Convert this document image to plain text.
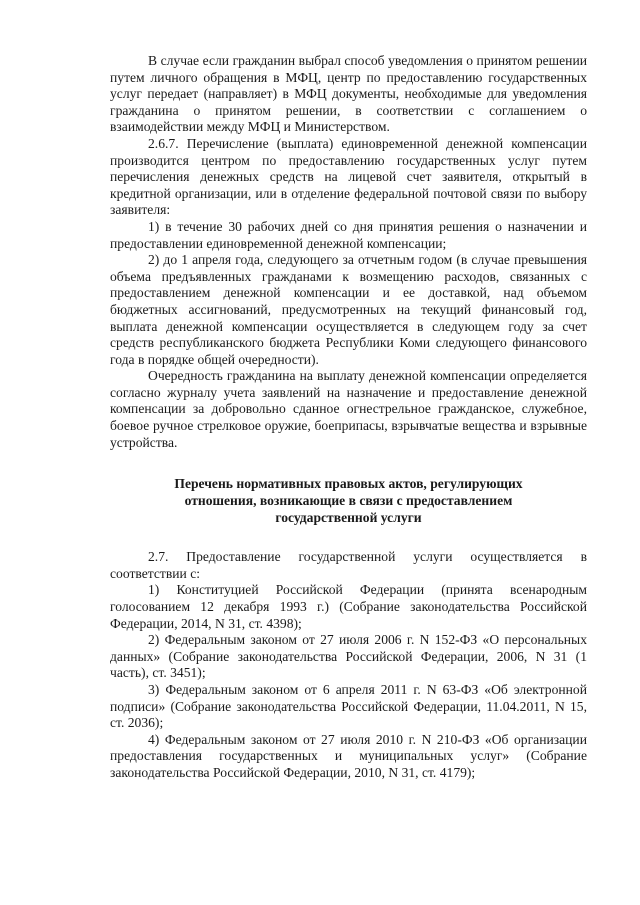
В случае если гражданин выбрал способ уведомления о принятом решении путем личного обращения в МФЦ, центр по предоставлению государственных услуг передает (направляет) в МФЦ документы, необходимые для уведомления гражданина о принятом решении, в соответствии с соглашением о взаимодействии между МФЦ и Министерством.

2.6.7. Перечисление (выплата) единовременной денежной компенсации производится центром по предоставлению государственных услуг путем перечисления денежных средств на лицевой счет заявителя, открытый в кредитной организации, или в отделение федеральной почтовой связи по выбору заявителя:

1) в течение 30 рабочих дней со дня принятия решения о назначении и предоставлении единовременной денежной компенсации;

2) до 1 апреля года, следующего за отчетным годом (в случае превышения объема предъявленных гражданами к возмещению расходов, связанных с предоставлением денежной компенсации и ее доставкой, над объемом бюджетных ассигнований, предусмотренных на текущий финансовый год, выплата денежной компенсации осуществляется в следующем году за счет средств республиканского бюджета Республики Коми следующего финансового года в порядке общей очередности).

Очередность гражданина на выплату денежной компенсации определяется согласно журналу учета заявлений на назначение и предоставление денежной компенсации за добровольно сданное огнестрельное гражданское, служебное, боевое ручное стрелковое оружие, боеприпасы, взрывчатые вещества и взрывные устройства.

Перечень нормативных правовых актов, регулирующих
отношения, возникающие в связи с предоставлением
государственной услуги

2.7. Предоставление государственной услуги осуществляется в соответствии с:

1) Конституцией Российской Федерации (принята всенародным голосованием 12 декабря 1993 г.) (Собрание законодательства Российской Федерации, 2014, N 31, ст. 4398);

2) Федеральным законом от 27 июля 2006 г. N 152-ФЗ «О персональных данных» (Собрание законодательства Российской Федерации, 2006, N 31 (1 часть), ст. 3451);

3) Федеральным законом от 6 апреля 2011 г. N 63-ФЗ «Об электронной подписи» (Собрание законодательства Российской Федерации, 11.04.2011, N 15, ст. 2036);

4) Федеральным законом от 27 июля 2010 г. N 210-ФЗ «Об организации предоставления государственных и муниципальных услуг» (Собрание законодательства Российской Федерации, 2010, N 31, ст. 4179);
